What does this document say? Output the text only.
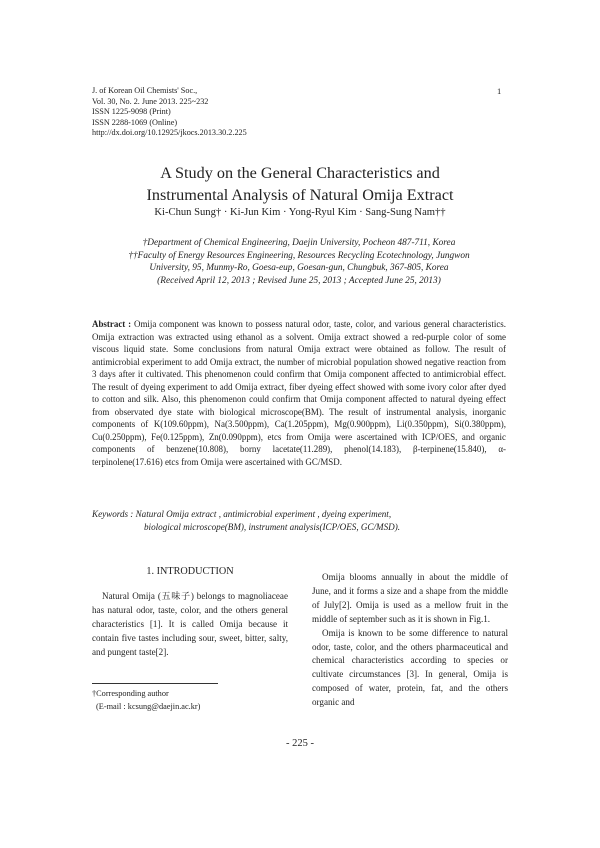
J. of Korean Oil Chemists' Soc.,
Vol. 30, No. 2. June 2013. 225~232
ISSN 1225-9098 (Print)
ISSN 2288-1069 (Online)
http://dx.doi.org/10.12925/jkocs.2013.30.2.225
1
A Study on the General Characteristics and
Instrumental Analysis of Natural Omija Extract
Ki-Chun Sung† · Ki-Jun Kim · Yong-Ryul Kim · Sang-Sung Nam††
†Department of Chemical Engineering, Daejin University, Pocheon 487-711, Korea
††Faculty of Energy Resources Engineering, Resources Recycling Ecotechnology, Jungwon
University, 95, Munmy-Ro, Goesa-eup, Goesan-gun, Chungbuk, 367-805, Korea
(Received April 12, 2013 ; Revised June 25, 2013 ; Accepted June 25, 2013)
Abstract : Omija component was known to possess natural odor, taste, color, and various general characteristics. Omija extraction was extracted using ethanol as a solvent. Omija extract showed a red-purple color of some viscous liquid state. Some conclusions from natural Omija extract were obtained as follow. The result of antimicrobial experiment to add Omija extract, the number of microbial population showed negative reaction from 3 days after it cultivated. This phenomenon could confirm that Omija component affected to antimicrobial effect. The result of dyeing experiment to add Omija extract, fiber dyeing effect showed with some ivory color after dyed to cotton and silk. Also, this phenomenon could confirm that Omija component affected to natural dyeing effect from observated dye state with biological microscope(BM). The result of instrumental analysis, inorganic components of K(109.60ppm), Na(3.500ppm), Ca(1.205ppm), Mg(0.900ppm), Li(0.350ppm), Si(0.380ppm), Cu(0.250ppm), Fe(0.125ppm), Zn(0.090ppm), etcs from Omija were ascertained with ICP/OES, and organic components of benzene(10.808), borny lacetate(11.289), phenol(14.183), β-terpinene(15.840), α-terpinolene(17.616) etcs from Omija were ascertained with GC/MSD.
Keywords : Natural Omija extract , antimicrobial experiment , dyeing experiment,
biological microscope(BM), instrument analysis(ICP/OES, GC/MSD).
1. INTRODUCTION
Natural Omija (五味子) belongs to magnoliaceae has natural odor, taste, color, and the others general characteristics [1]. It is called Omija because it contain five tastes including sour, sweet, bitter, salty, and pungent taste[2].

Omija blooms annually in about the middle of June, and it forms a size and a shape from the middle of July[2]. Omija is used as a mellow fruit in the middle of september such as it is shown in Fig.1.

Omija is known to be some difference to natural odor, taste, color, and the others pharmaceutical and chemical characteristics according to species or cultivate circumstances [3]. In general, Omija is composed of water, protein, fat, and the others organic and

†Corresponding author
(E-mail : kcsung@daejin.ac.kr)
- 225 -
